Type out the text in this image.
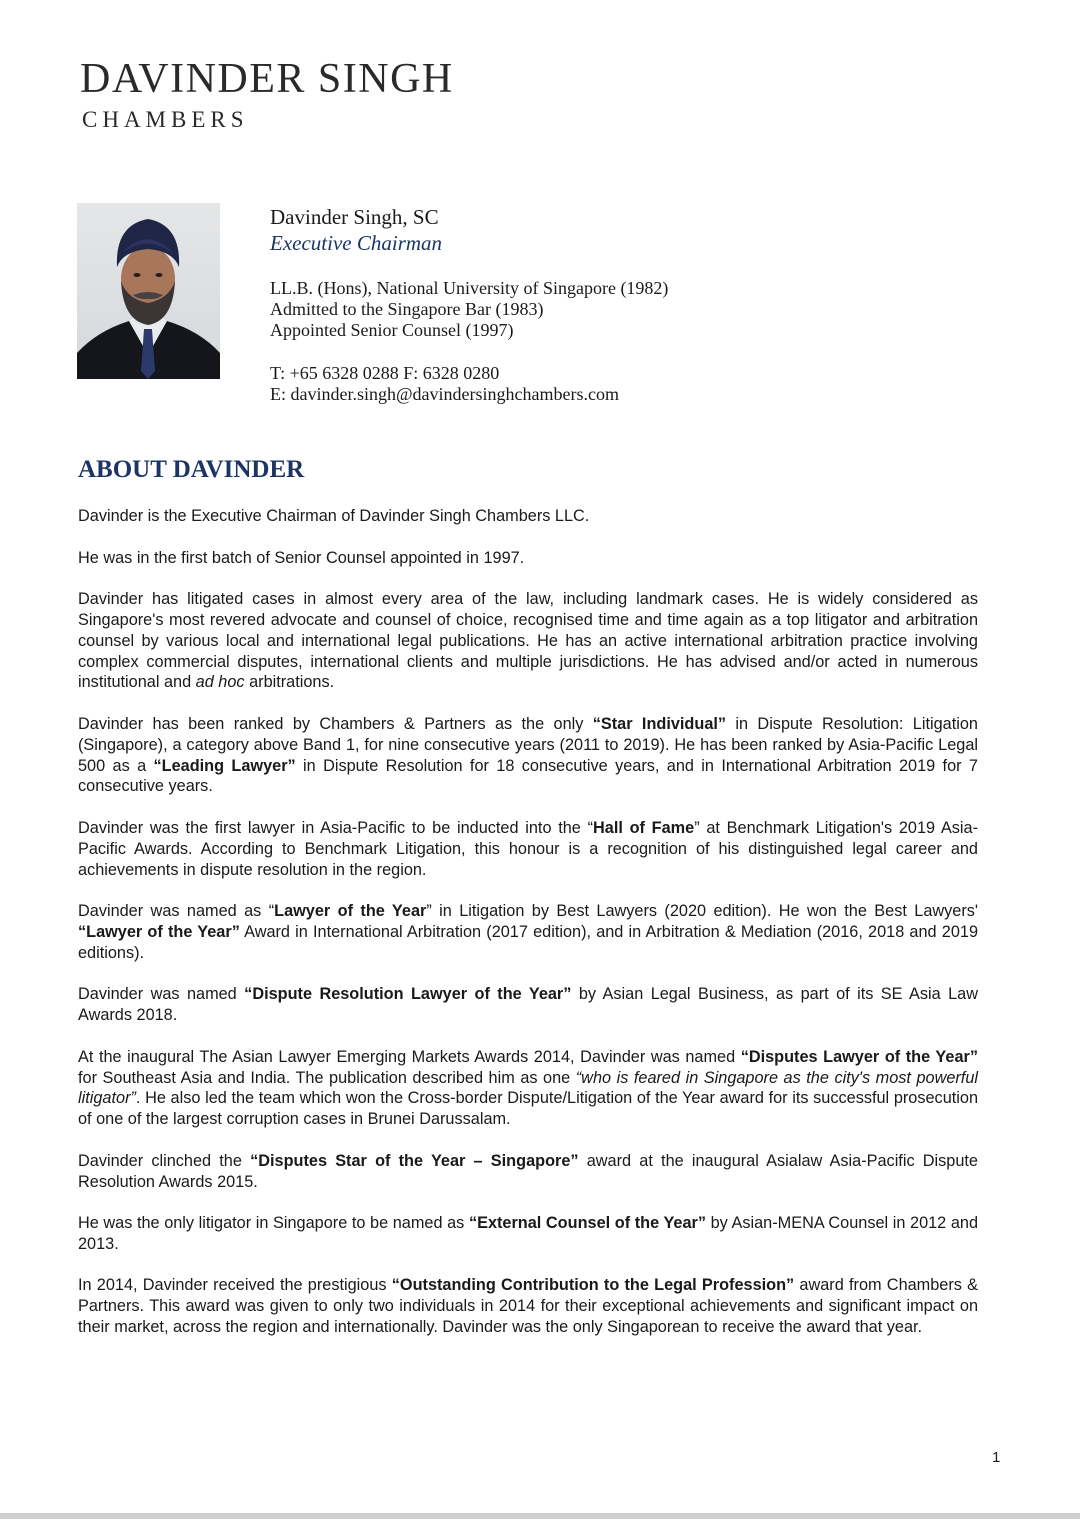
DAVINDER SINGH
CHAMBERS
Davinder Singh, SC
Executive Chairman
LL.B. (Hons), National University of Singapore (1982)
Admitted to the Singapore Bar (1983)
Appointed Senior Counsel (1997)
T: +65 6328 0288 F: 6328 0280
E: davinder.singh@davindersinghchambers.com
ABOUT DAVINDER

Davinder is the Executive Chairman of Davinder Singh Chambers LLC.

He was in the first batch of Senior Counsel appointed in 1997.

Davinder has litigated cases in almost every area of the law, including landmark cases. He is widely considered as Singapore's most revered advocate and counsel of choice, recognised time and time again as a top litigator and arbitration counsel by various local and international legal publications. He has an active international arbitration practice involving complex commercial disputes, international clients and multiple jurisdictions. He has advised and/or acted in numerous institutional and ad hoc arbitrations.

Davinder has been ranked by Chambers & Partners as the only “Star Individual” in Dispute Resolution: Litigation (Singapore), a category above Band 1, for nine consecutive years (2011 to 2019). He has been ranked by Asia-Pacific Legal 500 as a “Leading Lawyer” in Dispute Resolution for 18 consecutive years, and in International Arbitration 2019 for 7 consecutive years.

Davinder was the first lawyer in Asia-Pacific to be inducted into the “Hall of Fame” at Benchmark Litigation's 2019 Asia-Pacific Awards. According to Benchmark Litigation, this honour is a recognition of his distinguished legal career and achievements in dispute resolution in the region.

Davinder was named as “Lawyer of the Year” in Litigation by Best Lawyers (2020 edition). He won the Best Lawyers' “Lawyer of the Year” Award in International Arbitration (2017 edition), and in Arbitration & Mediation (2016, 2018 and 2019 editions).

Davinder was named “Dispute Resolution Lawyer of the Year” by Asian Legal Business, as part of its SE Asia Law Awards 2018.

At the inaugural The Asian Lawyer Emerging Markets Awards 2014, Davinder was named “Disputes Lawyer of the Year” for Southeast Asia and India. The publication described him as one “who is feared in Singapore as the city's most powerful litigator”. He also led the team which won the Cross-border Dispute/Litigation of the Year award for its successful prosecution of one of the largest corruption cases in Brunei Darussalam.

Davinder clinched the “Disputes Star of the Year – Singapore” award at the inaugural Asialaw Asia-Pacific Dispute Resolution Awards 2015.

He was the only litigator in Singapore to be named as “External Counsel of the Year” by Asian-MENA Counsel in 2012 and 2013.

In 2014, Davinder received the prestigious “Outstanding Contribution to the Legal Profession” award from Chambers & Partners. This award was given to only two individuals in 2014 for their exceptional achievements and significant impact on their market, across the region and internationally. Davinder was the only Singaporean to receive the award that year.

1
